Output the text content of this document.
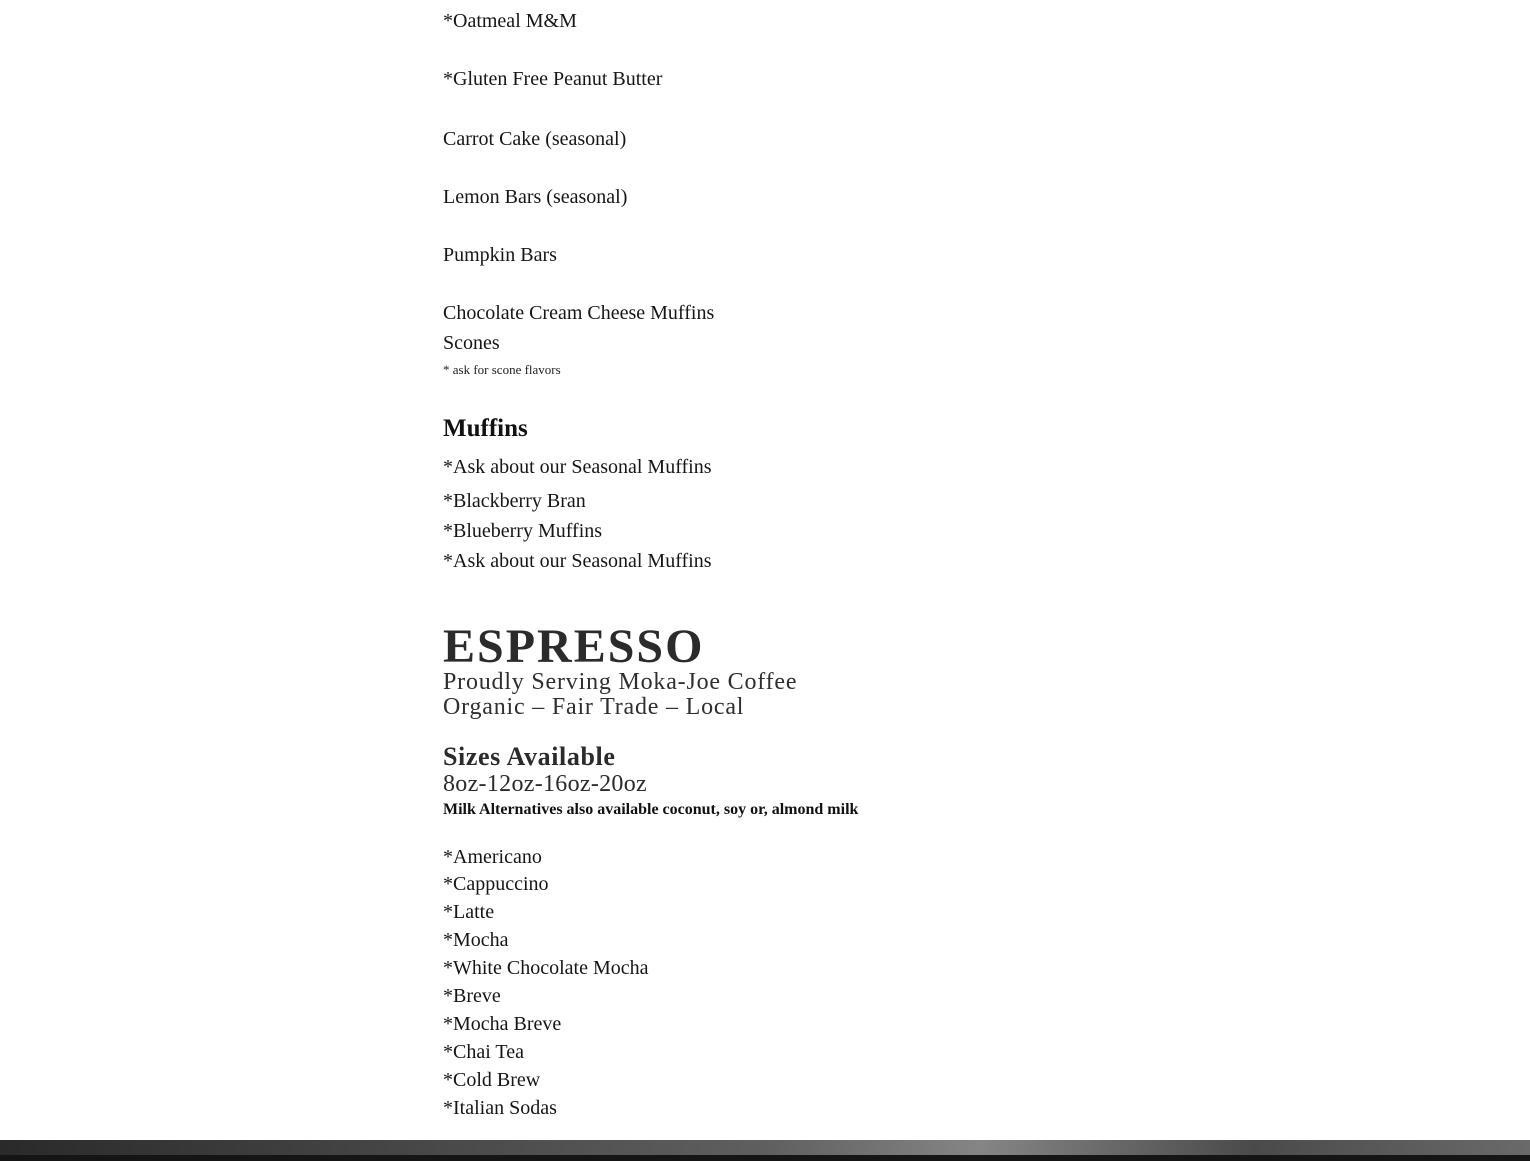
*Oatmeal M&M

*Gluten Free Peanut Butter

Carrot Cake (seasonal)

Lemon Bars (seasonal)

Pumpkin Bars

Chocolate Cream Cheese Muffins

Scones

* ask for scone flavors

Muffins

*Ask about our Seasonal Muffins

*Blackberry Bran

*Blueberry Muffins

*Ask about our Seasonal Muffins

ESPRESSO

Proudly Serving Moka-Joe Coffee

Organic – Fair Trade – Local

Sizes Available

8oz-12oz-16oz-20oz

Milk Alternatives also available coconut, soy or, almond milk

*Americano

*Cappuccino

*Latte

*Mocha

*White Chocolate Mocha

*Breve

*Mocha Breve

*Chai Tea

*Cold Brew

*Italian Sodas
